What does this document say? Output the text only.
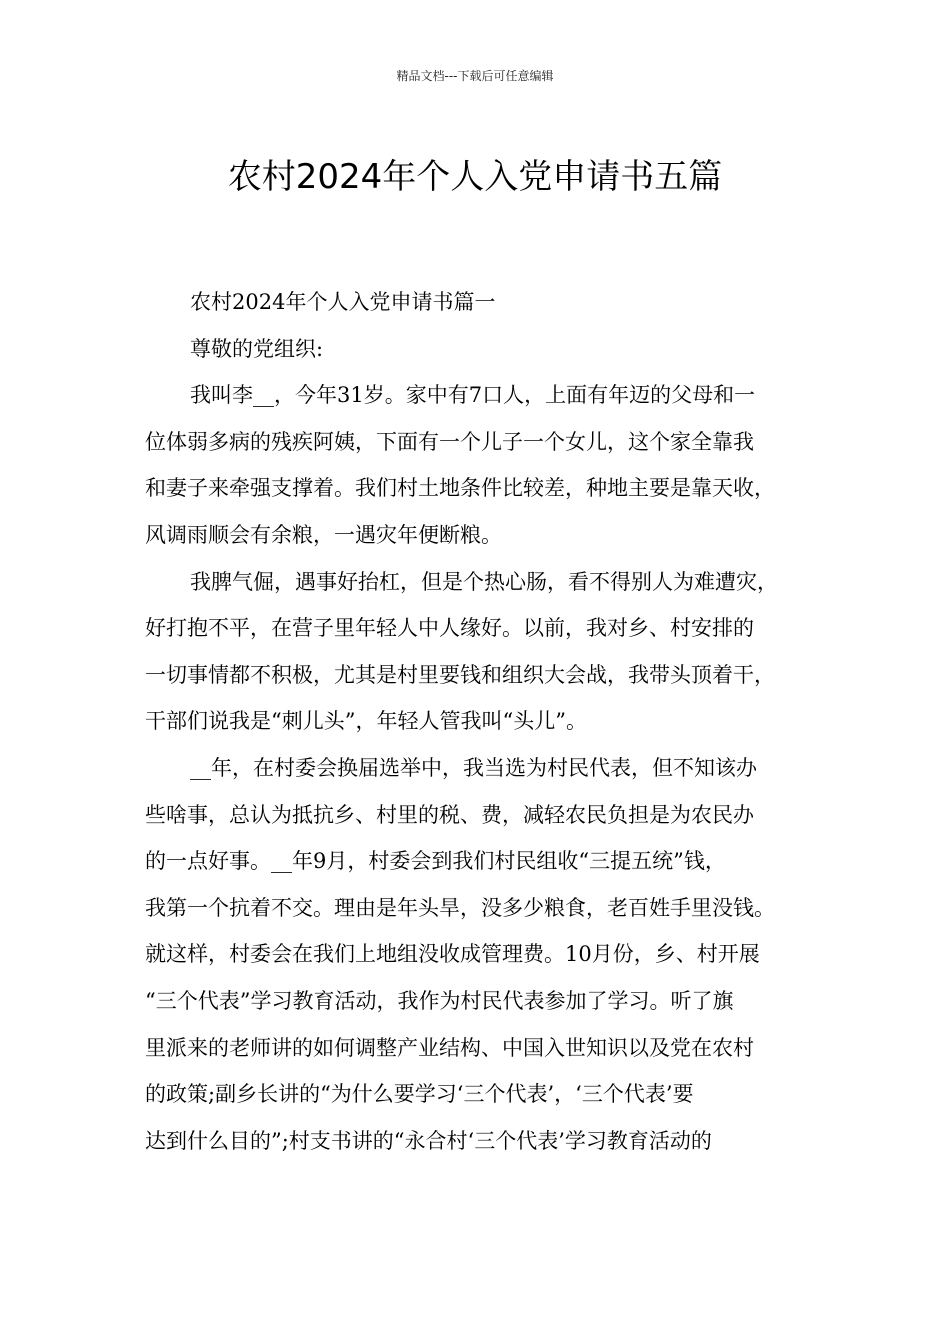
精品文档---下载后可任意编辑
农村2024年个人入党申请书五篇
农村2024年个人入党申请书篇一
尊敬的党组织:
我叫李__，今年31岁。家中有7口人，上面有年迈的父母和一
位体弱多病的残疾阿姨，下面有一个儿子一个女儿，这个家全靠我
和妻子来牵强支撑着。我们村土地条件比较差，种地主要是靠天收，
风调雨顺会有余粮，一遇灾年便断粮。
我脾气倔，遇事好抬杠，但是个热心肠，看不得别人为难遭灾，
好打抱不平，在营子里年轻人中人缘好。以前，我对乡、村安排的
一切事情都不积极，尤其是村里要钱和组织大会战，我带头顶着干，
干部们说我是“刺儿头”，年轻人管我叫“头儿”。
__年，在村委会换届选举中，我当选为村民代表，但不知该办
些啥事，总认为抵抗乡、村里的税、费，减轻农民负担是为农民办
的一点好事。__年9月，村委会到我们村民组收“三提五统”钱，
我第一个抗着不交。理由是年头旱，没多少粮食，老百姓手里没钱。
就这样，村委会在我们上地组没收成管理费。10月份，乡、村开展
“三个代表”学习教育活动，我作为村民代表参加了学习。听了旗
里派来的老师讲的如何调整产业结构、中国入世知识以及党在农村
的政策;副乡长讲的“为什么要学习‘三个代表’，‘三个代表’要
达到什么目的”;村支书讲的“永合村‘三个代表’学习教育活动的
